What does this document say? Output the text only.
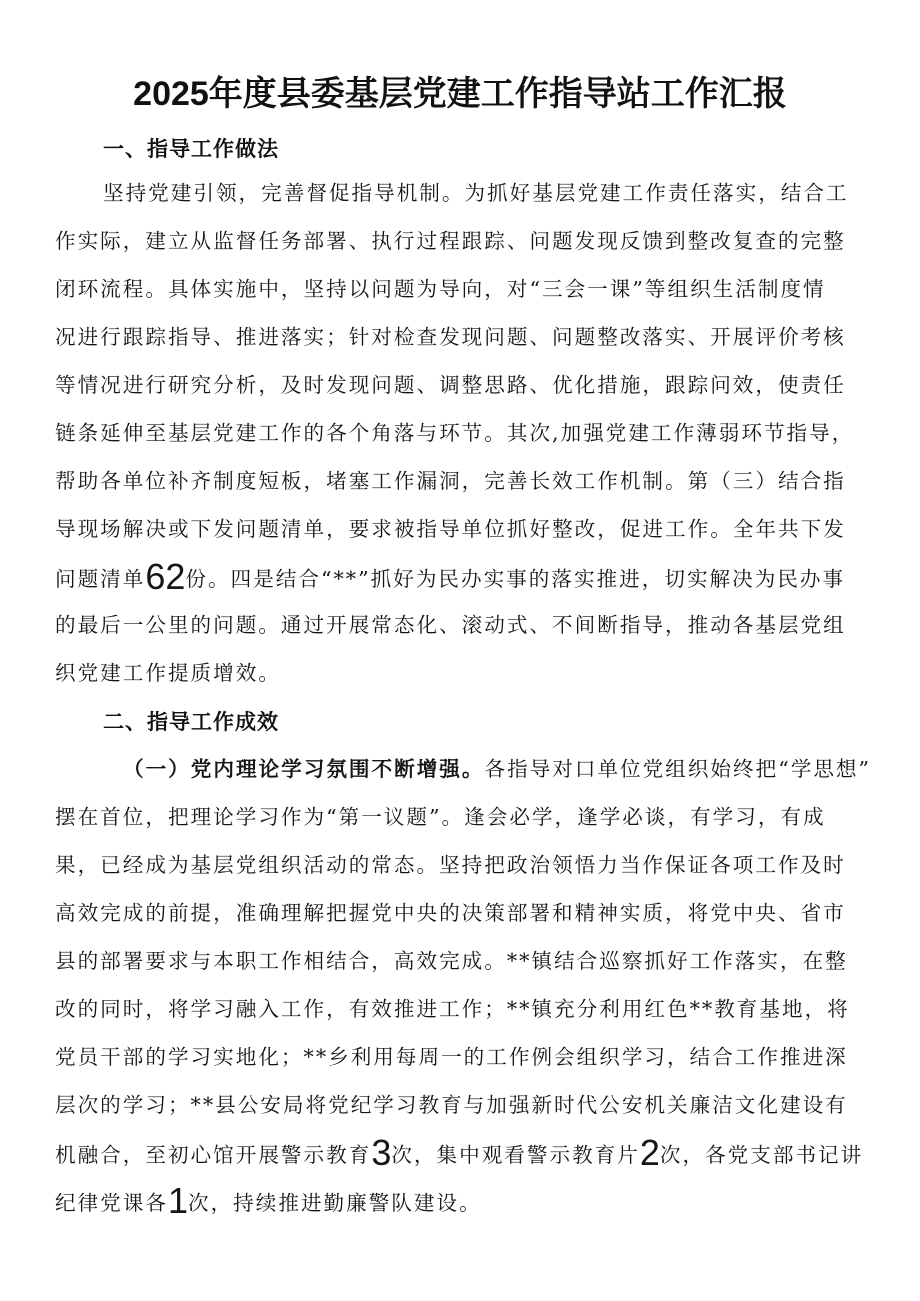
2025年度县委基层党建工作指导站工作汇报
一、指导工作做法
坚持党建引领，完善督促指导机制。为抓好基层党建工作责任落实，结合工
作实际，建立从监督任务部署、执行过程跟踪、问题发现反馈到整改复查的完整
闭环流程。具体实施中，坚持以问题为导向，对“三会一课”等组织生活制度情
况进行跟踪指导、推进落实；针对检查发现问题、问题整改落实、开展评价考核
等情况进行研究分析，及时发现问题、调整思路、优化措施，跟踪问效，使责任
链条延伸至基层党建工作的各个角落与环节。其次,加强党建工作薄弱环节指导，
帮助各单位补齐制度短板，堵塞工作漏洞，完善长效工作机制。第（三）结合指
导现场解决或下发问题清单，要求被指导单位抓好整改，促进工作。全年共下发
问题清单62份。四是结合“**”抓好为民办实事的落实推进，切实解决为民办事
的最后一公里的问题。通过开展常态化、滚动式、不间断指导，推动各基层党组
织党建工作提质增效。
二、指导工作成效
（一）党内理论学习氛围不断增强。各指导对口单位党组织始终把“学思想”
摆在首位，把理论学习作为“第一议题”。逢会必学，逢学必谈，有学习，有成
果，已经成为基层党组织活动的常态。坚持把政治领悟力当作保证各项工作及时
高效完成的前提，准确理解把握党中央的决策部署和精神实质，将党中央、省市
县的部署要求与本职工作相结合，高效完成。**镇结合巡察抓好工作落实，在整
改的同时，将学习融入工作，有效推进工作；**镇充分利用红色**教育基地，将
党员干部的学习实地化；**乡利用每周一的工作例会组织学习，结合工作推进深
层次的学习；**县公安局将党纪学习教育与加强新时代公安机关廉洁文化建设有
机融合，至初心馆开展警示教育3次，集中观看警示教育片2次，各党支部书记讲
纪律党课各1次，持续推进勤廉警队建设。
